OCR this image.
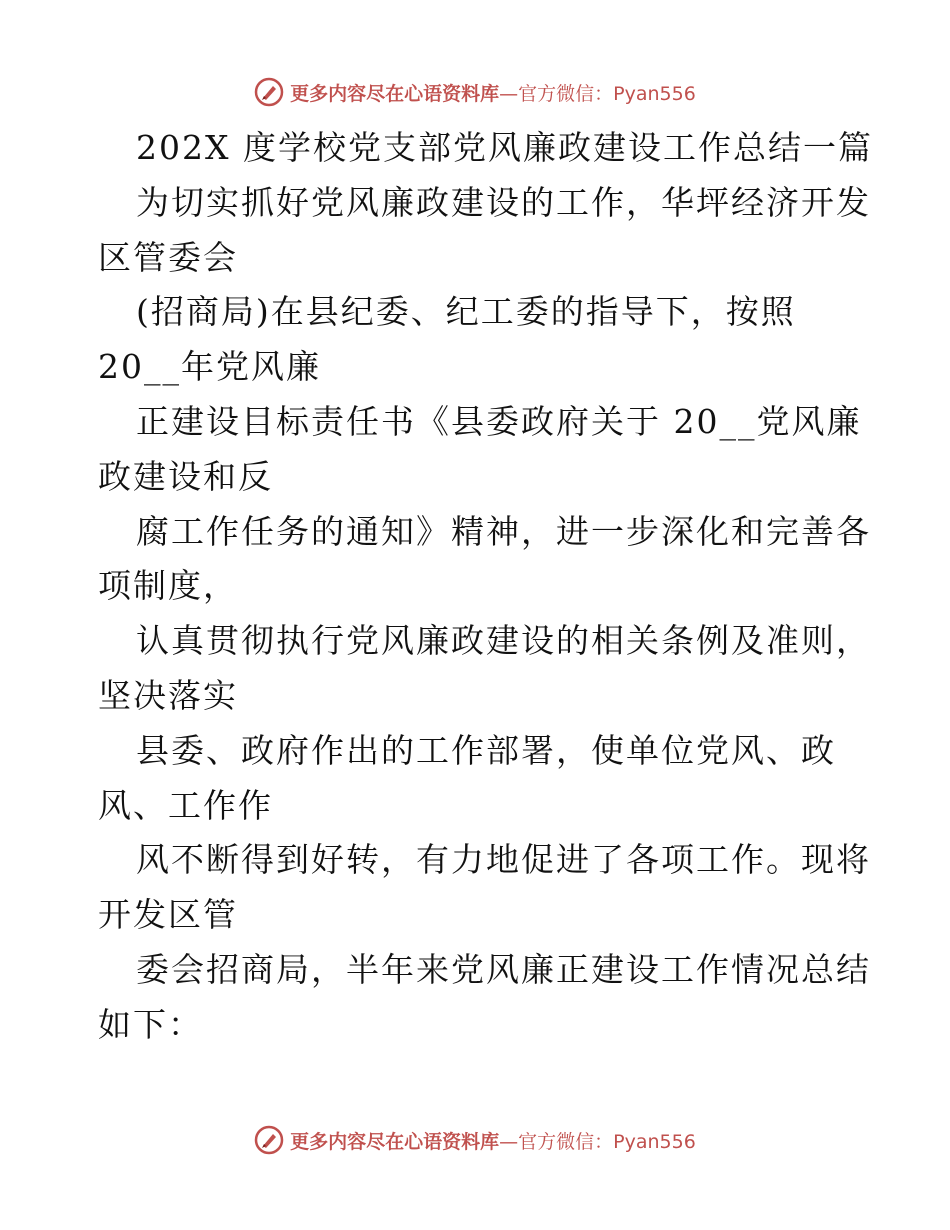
更多内容尽在心语资料库—官方微信：Pyan556
202X 度学校党支部党风廉政建设工作总结一篇
为切实抓好党风廉政建设的工作，华坪经济开发
区管委会
(招商局)在县纪委、纪工委的指导下，按照
20__年党风廉
正建设目标责任书《县委政府关于 20__党风廉
政建设和反
腐工作任务的通知》精神，进一步深化和完善各
项制度，
认真贯彻执行党风廉政建设的相关条例及准则，
坚决落实
县委、政府作出的工作部署，使单位党风、政
风、工作作
风不断得到好转，有力地促进了各项工作。现将
开发区管
委会招商局，半年来党风廉正建设工作情况总结
如下：
更多内容尽在心语资料库—官方微信：Pyan556
